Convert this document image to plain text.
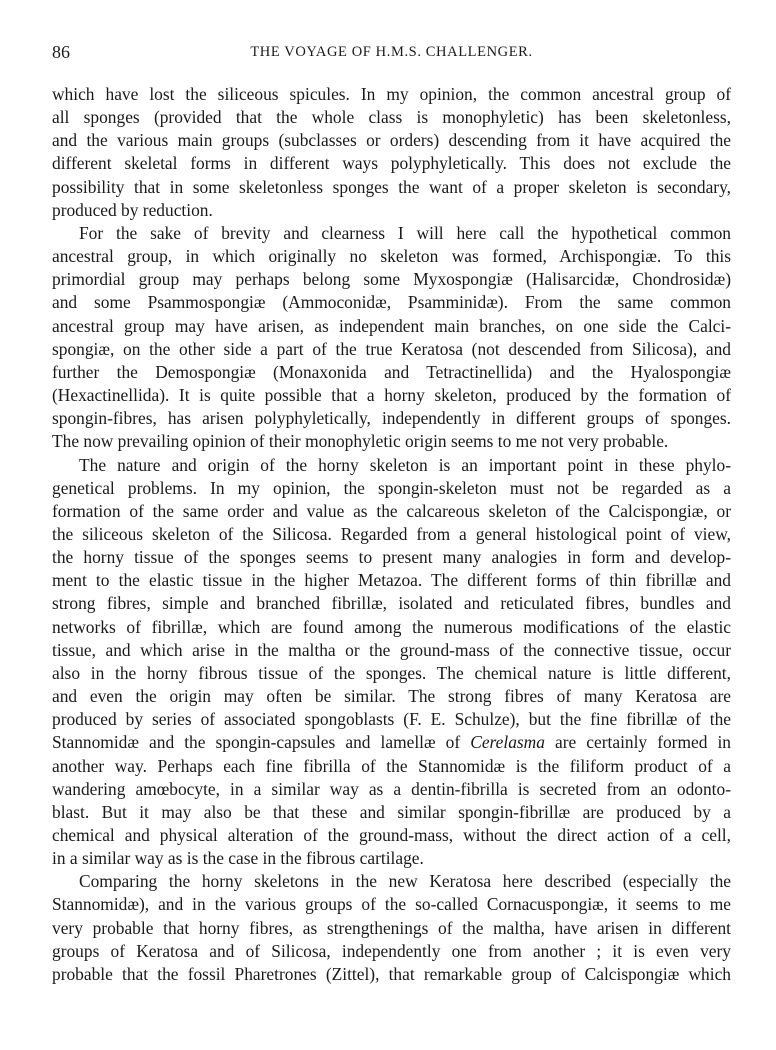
86	THE VOYAGE OF H.M.S. CHALLENGER.
which have lost the siliceous spicules. In my opinion, the common ancestral group of
all sponges (provided that the whole class is monophyletic) has been skeletonless,
and the various main groups (subclasses or orders) descending from it have acquired the
different skeletal forms in different ways polyphyletically. This does not exclude the
possibility that in some skeletonless sponges the want of a proper skeleton is secondary,
produced by reduction.
For the sake of brevity and clearness I will here call the hypothetical common
ancestral group, in which originally no skeleton was formed, Archispongiæ. To this
primordial group may perhaps belong some Myxospongiæ (Halisarcidæ, Chondrosidæ)
and some Psammospongiæ (Ammoconidæ, Psamminidæ). From the same common
ancestral group may have arisen, as independent main branches, on one side the Calci-
spongiæ, on the other side a part of the true Keratosa (not descended from Silicosa), and
further the Demospongiæ (Monaxonida and Tetractinellida) and the Hyalospongiæ
(Hexactinellida). It is quite possible that a horny skeleton, produced by the formation of
spongin-fibres, has arisen polyphyletically, independently in different groups of sponges.
The now prevailing opinion of their monophyletic origin seems to me not very probable.
The nature and origin of the horny skeleton is an important point in these phylo-
genetical problems. In my opinion, the spongin-skeleton must not be regarded as a
formation of the same order and value as the calcareous skeleton of the Calcispongiæ, or
the siliceous skeleton of the Silicosa. Regarded from a general histological point of view,
the horny tissue of the sponges seems to present many analogies in form and develop-
ment to the elastic tissue in the higher Metazoa. The different forms of thin fibrillæ and
strong fibres, simple and branched fibrillæ, isolated and reticulated fibres, bundles and
networks of fibrillæ, which are found among the numerous modifications of the elastic
tissue, and which arise in the maltha or the ground-mass of the connective tissue, occur
also in the horny fibrous tissue of the sponges. The chemical nature is little different,
and even the origin may often be similar. The strong fibres of many Keratosa are
produced by series of associated spongoblasts (F. E. Schulze), but the fine fibrillæ of the
Stannomidæ and the spongin-capsules and lamellæ of Cerelasma are certainly formed in
another way. Perhaps each fine fibrilla of the Stannomidæ is the filiform product of a
wandering amœbocyte, in a similar way as a dentin-fibrilla is secreted from an odonto-
blast. But it may also be that these and similar spongin-fibrillæ are produced by a
chemical and physical alteration of the ground-mass, without the direct action of a cell,
in a similar way as is the case in the fibrous cartilage.
Comparing the horny skeletons in the new Keratosa here described (especially the
Stannomidæ), and in the various groups of the so-called Cornacuspongiæ, it seems to me
very probable that horny fibres, as strengthenings of the maltha, have arisen in different
groups of Keratosa and of Silicosa, independently one from another ; it is even very
probable that the fossil Pharetrones (Zittel), that remarkable group of Calcispongiæ which
